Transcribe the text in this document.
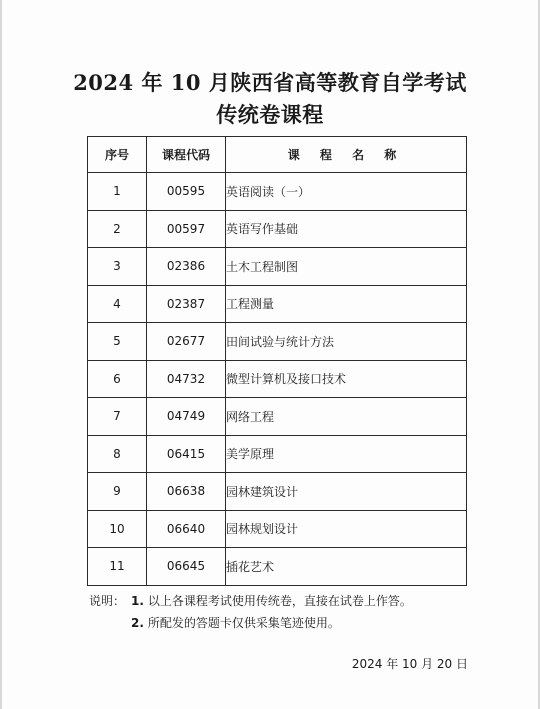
2024 年 10 月陕西省高等教育自学考试
传统卷课程
序号	课程代码	课 程 名 称
1	00595	英语阅读（一）
2	00597	英语写作基础
3	02386	土木工程制图
4	02387	工程测量
5	02677	田间试验与统计方法
6	04732	微型计算机及接口技术
7	04749	网络工程
8	06415	美学原理
9	06638	园林建筑设计
10	06640	园林规划设计
11	06645	插花艺术
说明： 1. 以上各课程考试使用传统卷，直接在试卷上作答。
2. 所配发的答题卡仅供采集笔迹使用。
2024 年 10 月 20 日
